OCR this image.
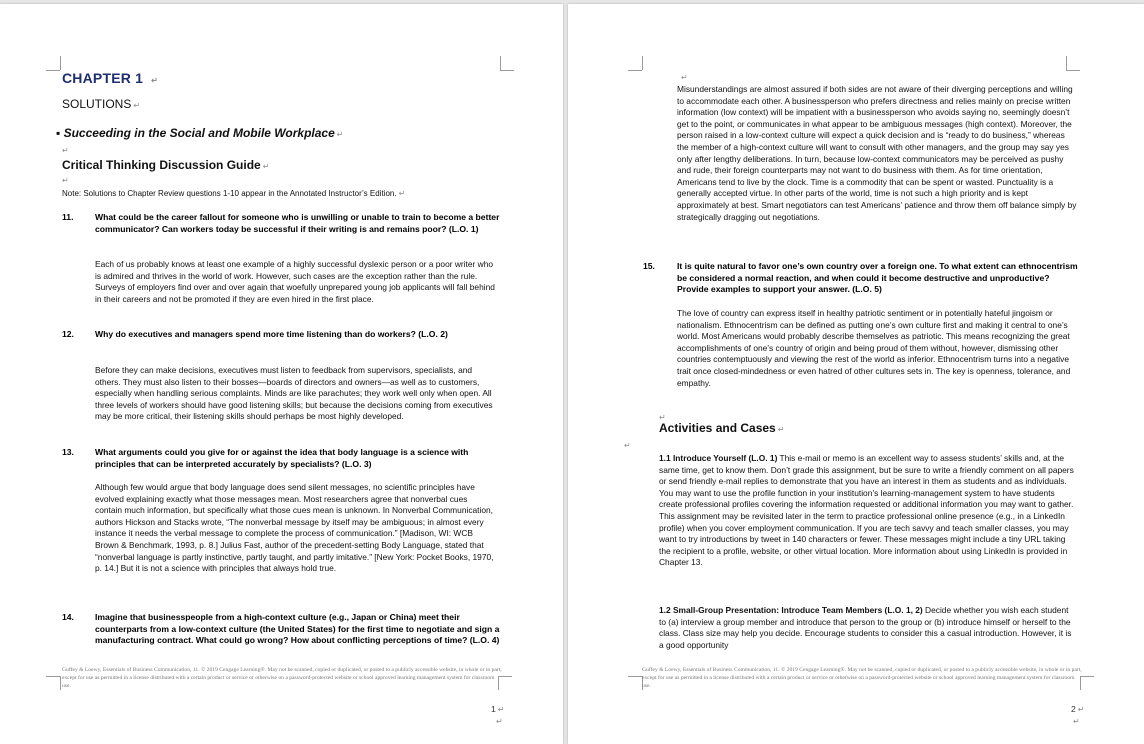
CHAPTER 1 ↵
SOLUTIONS ↵
▪ Succeeding in the Social and Mobile Workplace ↵
↵
Critical Thinking Discussion Guide ↵
↵
Note: Solutions to Chapter Review questions 1-10 appear in the Annotated Instructor’s Edition. ↵
11.	What could be the career fallout for someone who is unwilling or unable to train to become a better communicator? Can workers today be successful if their writing is and remains poor? (L.O. 1)
Each of us probably knows at least one example of a highly successful dyslexic person or a poor writer who is admired and thrives in the world of work. However, such cases are the exception rather than the rule. Surveys of employers find over and over again that woefully unprepared young job applicants will fall behind in their careers and not be promoted if they are even hired in the first place.
12. Why do executives and managers spend more time listening than do workers? (L.O. 2)
Before they can make decisions, executives must listen to feedback from supervisors, specialists, and others. They must also listen to their bosses—boards of directors and owners—as well as to customers, especially when handling serious complaints. Minds are like parachutes; they work well only when open. All three levels of workers should have good listening skills; but because the decisions coming from executives may be more critical, their listening skills should perhaps be most highly developed.
13. What arguments could you give for or against the idea that body language is a science with principles that can be interpreted accurately by specialists? (L.O. 3)
Although few would argue that body language does send silent messages, no scientific principles have evolved explaining exactly what those messages mean. Most researchers agree that nonverbal cues contain much information, but specifically what those cues mean is unknown. In Nonverbal Communication, authors Hickson and Stacks wrote, “The nonverbal message by itself may be ambiguous; in almost every instance it needs the verbal message to complete the process of communication.” [Madison, WI: WCB Brown & Benchmark, 1993, p. 8.] Julius Fast, author of the precedent-setting Body Language, stated that “nonverbal language is partly instinctive, partly taught, and partly imitative.” [New York: Pocket Books, 1970, p. 14.] But it is not a science with principles that always hold true.
14. Imagine that businesspeople from a high-context culture (e.g., Japan or China) meet their counterparts from a low-context culture (the United States) for the first time to negotiate and sign a manufacturing contract. What could go wrong? How about conflicting perceptions of time? (L.O. 4)
Guffey & Loewy, Essentials of Business Communication, 11. © 2019 Cengage Learning®. May not be scanned, copied or duplicated, or posted to a publicly accessible website, in whole or in part, except for use as permitted in a license distributed with a certain product or service or otherwise on a password-protected website or school approved learning management system for classroom use.
1 ↵
↵
↵
Misunderstandings are almost assured if both sides are not aware of their diverging perceptions and willing to accommodate each other. A businessperson who prefers directness and relies mainly on precise written information (low context) will be impatient with a businessperson who avoids saying no, seemingly doesn’t get to the point, or communicates in what appear to be ambiguous messages (high context). Moreover, the person raised in a low-context culture will expect a quick decision and is “ready to do business,” whereas the member of a high-context culture will want to consult with other managers, and the group may say yes only after lengthy deliberations. In turn, because low-context communicators may be perceived as pushy and rude, their foreign counterparts may not want to do business with them. As for time orientation, Americans tend to live by the clock. Time is a commodity that can be spent or wasted. Punctuality is a generally accepted virtue. In other parts of the world, time is not such a high priority and is kept approximately at best. Smart negotiators can test Americans’ patience and throw them off balance simply by strategically dragging out negotiations.
15.	It is quite natural to favor one’s own country over a foreign one. To what extent can ethnocentrism be considered a normal reaction, and when could it become destructive and unproductive? Provide examples to support your answer. (L.O. 5)
The love of country can express itself in healthy patriotic sentiment or in potentially hateful jingoism or nationalism. Ethnocentrism can be defined as putting one’s own culture first and making it central to one’s world. Most Americans would probably describe themselves as patriotic. This means recognizing the great accomplishments of one’s country of origin and being proud of them without, however, dismissing other countries contemptuously and viewing the rest of the world as inferior. Ethnocentrism turns into a negative trait once closed-mindedness or even hatred of other cultures sets in. The key is openness, tolerance, and empathy.
↵
↵
Activities and Cases ↵
1.1 Introduce Yourself (L.O. 1) This e-mail or memo is an excellent way to assess students’ skills and, at the same time, get to know them. Don’t grade this assignment, but be sure to write a friendly comment on all papers or send friendly e-mail replies to demonstrate that you have an interest in them as students and as individuals. You may want to use the profile function in your institution’s learning-management system to have students create professional profiles covering the information requested or additional information you may want to gather. This assignment may be revisited later in the term to practice professional online presence (e.g., in a LinkedIn profile) when you cover employment communication. If you are tech savvy and teach smaller classes, you may want to try introductions by tweet in 140 characters or fewer. These messages might include a tiny URL taking the recipient to a profile, website, or other virtual location. More information about using LinkedIn is provided in Chapter 13.
1.2 Small-Group Presentation: Introduce Team Members (L.O. 1, 2) Decide whether you wish each student to (a) interview a group member and introduce that person to the group or (b) introduce himself or herself to the class. Class size may help you decide. Encourage students to consider this a casual introduction. However, it is a good opportunity
Guffey & Loewy, Essentials of Business Communication, 11. © 2019 Cengage Learning®. May not be scanned, copied or duplicated, or posted to a publicly accessible website, in whole or in part, except for use as permitted in a license distributed with a certain product or service or otherwise on a password-protected website or school approved learning management system for classroom use.
2 ↵
↵
